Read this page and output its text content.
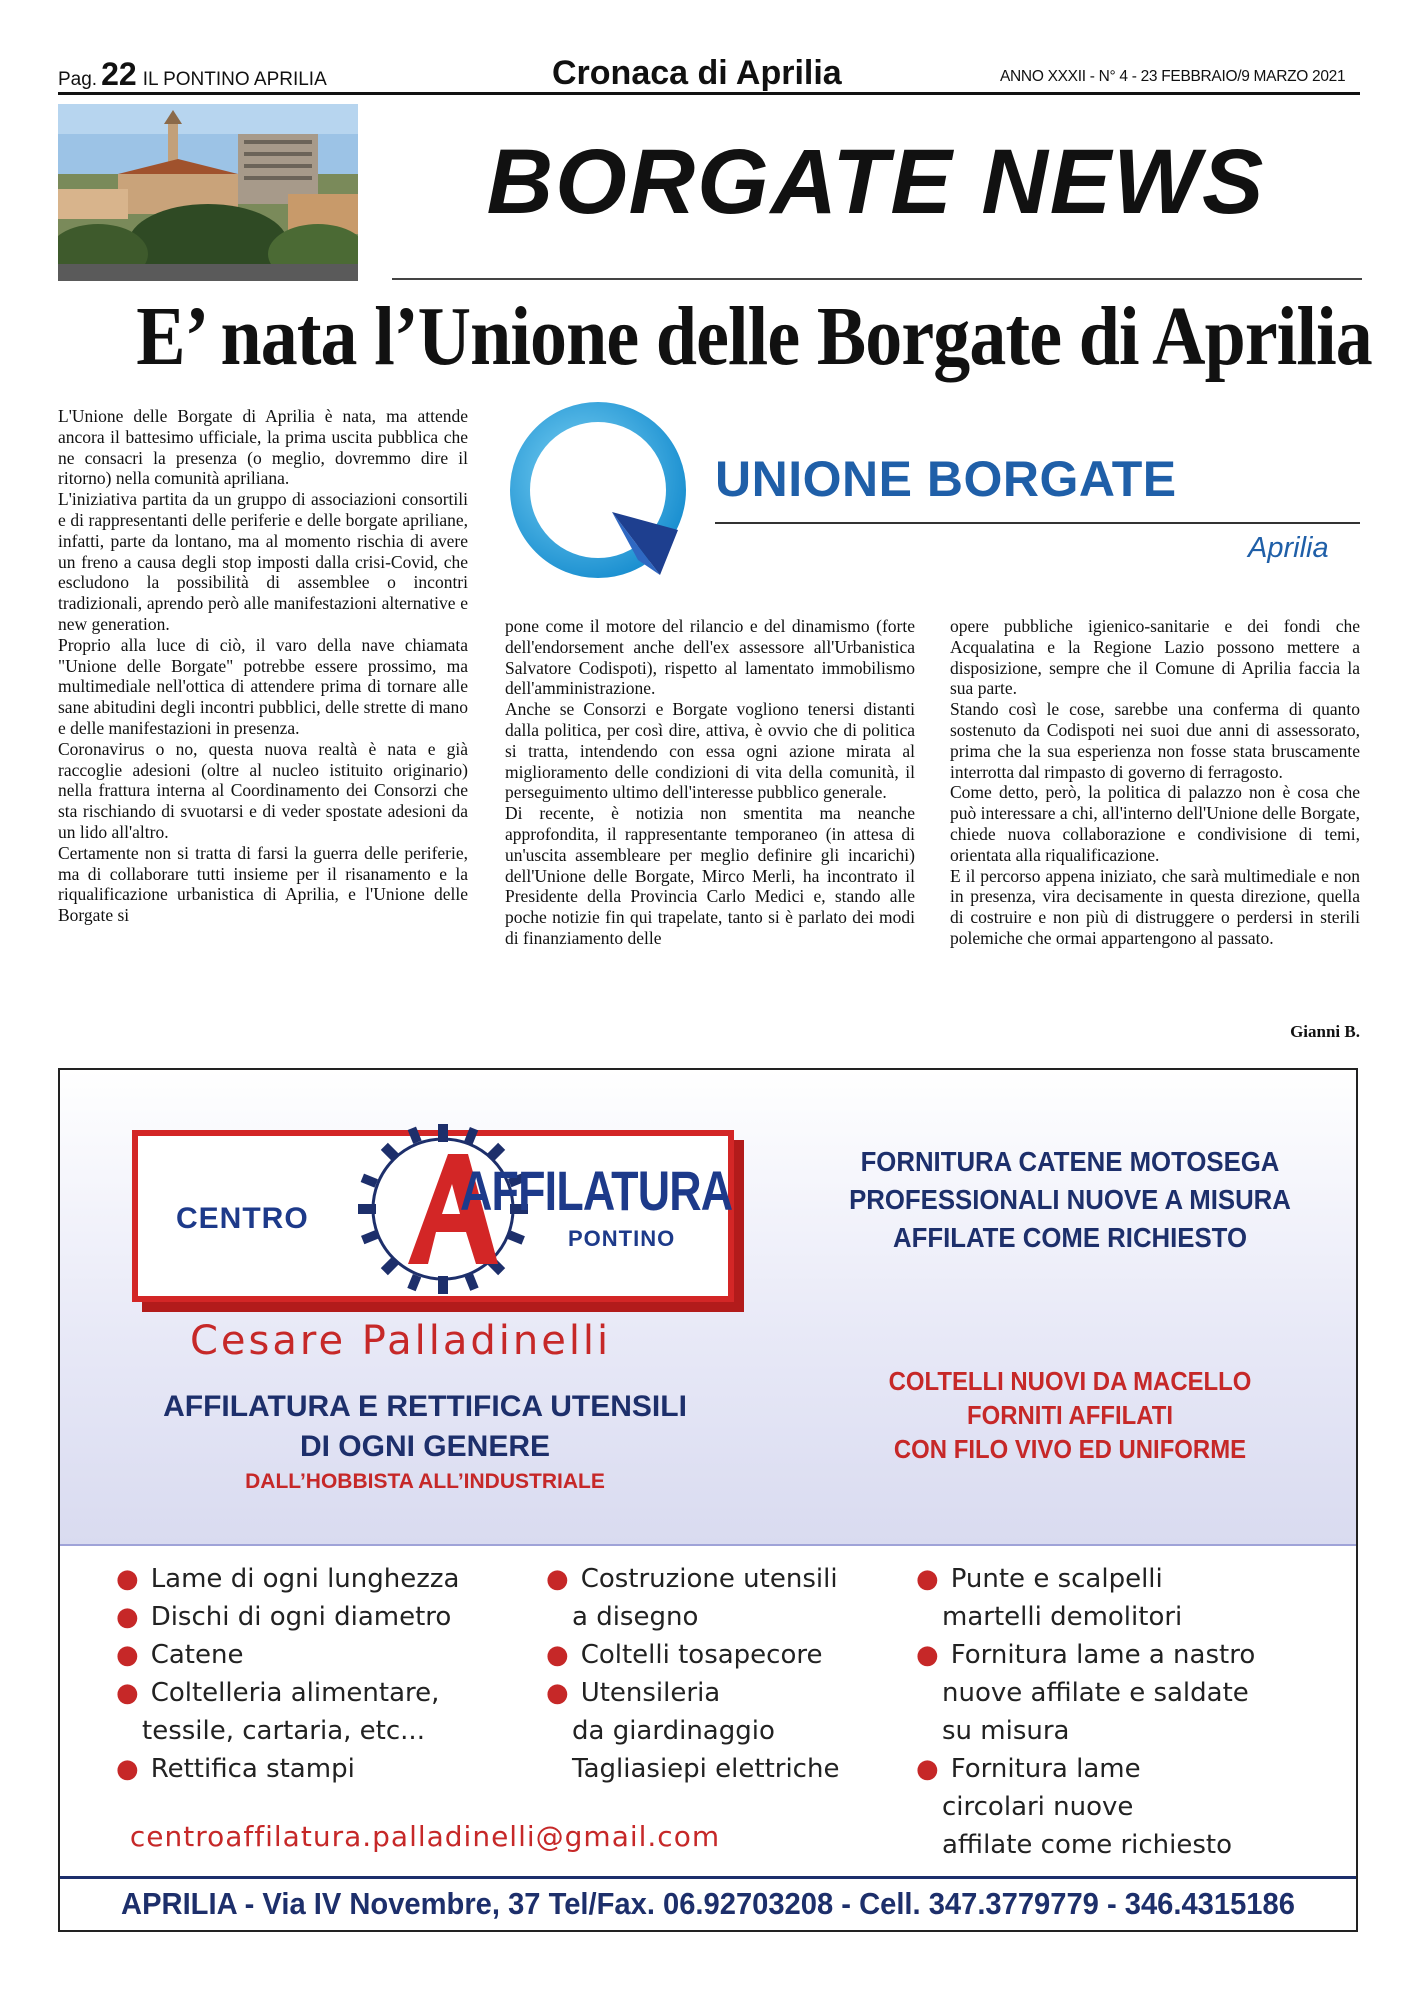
Pag. 22 IL PONTINO APRILIA	Cronaca di Aprilia	ANNO XXXII - N° 4 - 23 FEBBRAIO/9 MARZO 2021
BORGATE NEWS
E’ nata l’Unione delle Borgate di Aprilia

L'Unione delle Borgate di Aprilia è nata, ma attende ancora il battesimo ufficiale, la prima uscita pubblica che ne consacri la presenza (o meglio, dovremmo dire il ritorno) nella comunità apriliana.

L'iniziativa partita da un gruppo di associazioni consortili e di rappresentanti delle periferie e delle borgate apriliane, infatti, parte da lontano, ma al momento rischia di avere un freno a causa degli stop imposti dalla crisi-Covid, che escludono la possibilità di assemblee o incontri tradizionali, aprendo però alle manifestazioni alternative e new generation.

Proprio alla luce di ciò, il varo della nave chiamata "Unione delle Borgate" potrebbe essere prossimo, ma multimediale nell'ottica di attendere prima di tornare alle sane abitudini degli incontri pubblici, delle strette di mano e delle manifestazioni in presenza.

Coronavirus o no, questa nuova realtà è nata e già raccoglie adesioni (oltre al nucleo istituito originario) nella frattura interna al Coordinamento dei Consorzi che sta rischiando di svuotarsi e di veder spostate adesioni da un lido all'altro.

Certamente non si tratta di farsi la guerra delle periferie, ma di collaborare tutti insieme per il risanamento e la riqualificazione urbanistica di Aprilia, e l'Unione delle Borgate si

UNIONE BORGATE
Aprilia

pone come il motore del rilancio e del dinamismo (forte dell'endorsement anche dell'ex assessore all'Urbanistica Salvatore Codispoti), rispetto al lamentato immobilismo dell'amministrazione.

Anche se Consorzi e Borgate vogliono tenersi distanti dalla politica, per così dire, attiva, è ovvio che di politica si tratta, intendendo con essa ogni azione mirata al miglioramento delle condizioni di vita della comunità, il perseguimento ultimo dell'interesse pubblico generale.

Di recente, è notizia non smentita ma neanche approfondita, il rappresentante temporaneo (in attesa di un'uscita assembleare per meglio definire gli incarichi) dell'Unione delle Borgate, Mirco Merli, ha incontrato il Presidente della Provincia Carlo Medici e, stando alle poche notizie fin qui trapelate, tanto si è parlato dei modi di finanziamento delle

opere pubbliche igienico-sanitarie e dei fondi che Acqualatina e la Regione Lazio possono mettere a disposizione, sempre che il Comune di Aprilia faccia la sua parte.

Stando così le cose, sarebbe una conferma di quanto sostenuto da Codispoti nei suoi due anni di assessorato, prima che la sua esperienza non fosse stata bruscamente interrotta dal rimpasto di governo di ferragosto.

Come detto, però, la politica di palazzo non è cosa che può interessare a chi, all'interno dell'Unione delle Borgate, chiede nuova collaborazione e condivisione di temi, orientata alla riqualificazione.

E il percorso appena iniziato, che sarà multimediale e non in presenza, vira decisamente in questa direzione, quella di costruire e non più di distruggere o perdersi in sterili polemiche che ormai appartengono al passato.

Gianni B.
CENTRO	AFFILATURA
PONTINO
Cesare Palladinelli
AFFILATURA E RETTIFICA UTENSILI
DI OGNI GENERE
DALL’HOBBISTA ALL’INDUSTRIALE
FORNITURA CATENE MOTOSEGA
PROFESSIONALI NUOVE A MISURA
AFFILATE COME RICHIESTO
COLTELLI NUOVI DA MACELLO
FORNITI AFFILATI
CON FILO VIVO ED UNIFORME
● Lame di ogni lunghezza
● Dischi di ogni diametro
● Catene
● Coltelleria alimentare,
tessile, cartaria, etc...
● Rettifica stampi
● Costruzione utensili
a disegno
● Coltelli tosapecore
● Utensileria
da giardinaggio
Tagliasiepi elettriche
● Punte e scalpelli
martelli demolitori
● Fornitura lame a nastro
nuove affilate e saldate
su misura
● Fornitura lame
circolari nuove
affilate come richiesto
centroaffilatura.palladinelli@gmail.com
APRILIA - Via IV Novembre, 37 Tel/Fax. 06.92703208 - Cell. 347.3779779 - 346.4315186
